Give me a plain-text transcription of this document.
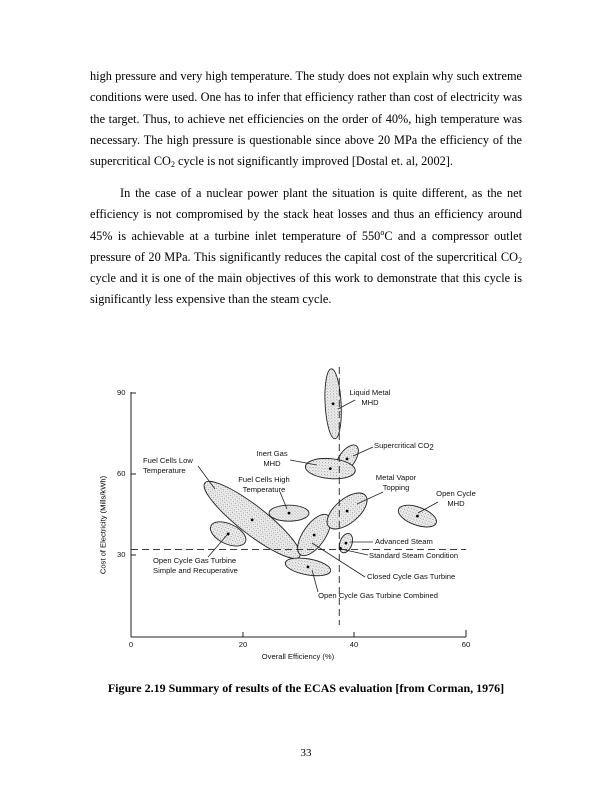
high pressure and very high temperature. The study does not explain why such extreme conditions were used. One has to infer that efficiency rather than cost of electricity was the target. Thus, to achieve net efficiencies on the order of 40%, high temperature was necessary. The high pressure is questionable since above 20 MPa the efficiency of the supercritical $CO_2$ cycle is not significantly improved [Dostal et. al, 2002].

In the case of a nuclear power plant the situation is quite different, as the net efficiency is not compromised by the stack heat losses and thus an efficiency around 45% is achievable at a turbine inlet temperature of 550$^o$C and a compressor outlet pressure of 20 MPa. This significantly reduces the capital cost of the supercritical $CO_2$ cycle and it is one of the main objectives of this work to demonstrate that this cycle is significantly less expensive than the steam cycle.

90
60
30
0	20	40	60
Overall Efficiency (%)
Cost of Electricity (Mills/kWh)
Liquid Metal
MHD
Supercritical $CO_2$
Inert Gas
MHD
Fuel Cells Low
Temperature
Fuel Cells High
Temperature
Open Cycle Gas Turbine
Simple and Recuperative
Closed Cycle Gas Turbine
Metal Vapor
Topping
Open Cycle
MHD
Advanced Steam
Open Cycle Gas Turbine Combined
Standard Steam Condition
Figure 2.19 Summary of results of the ECAS evaluation [from Corman, 1976]
33
